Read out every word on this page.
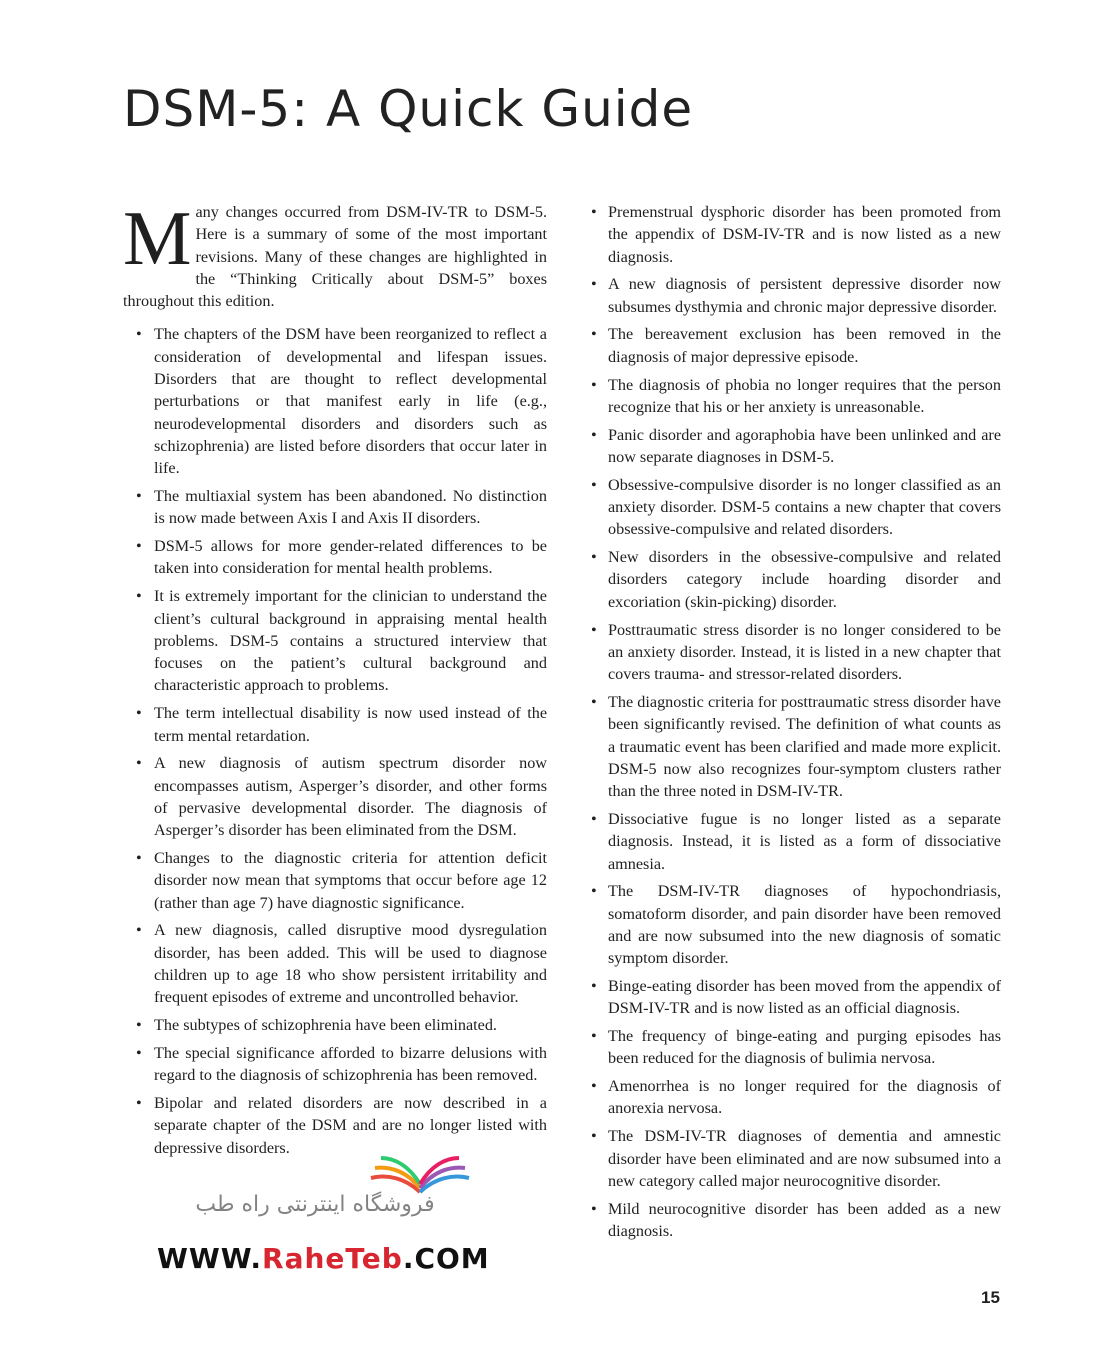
DSM-5: A Quick Guide

Many changes occurred from DSM-IV-TR to DSM-5. Here is a summary of some of the most important revisions. Many of these changes are highlighted in the “Thinking Critically about DSM-5” boxes throughout this edition.

• The chapters of the DSM have been reorganized to reflect a consideration of developmental and lifespan issues. Disorders that are thought to reflect developmental perturbations or that manifest early in life (e.g., neurodevelopmental disorders and disorders such as schizophrenia) are listed before disorders that occur later in life.
• The multiaxial system has been abandoned. No distinction is now made between Axis I and Axis II disorders.
• DSM-5 allows for more gender-related differences to be taken into consideration for mental health problems.
• It is extremely important for the clinician to understand the client’s cultural background in appraising mental health problems. DSM-5 contains a structured interview that focuses on the patient’s cultural background and characteristic approach to problems.
• The term intellectual disability is now used instead of the term mental retardation.
• A new diagnosis of autism spectrum disorder now encompasses autism, Asperger’s disorder, and other forms of pervasive developmental disorder. The diagnosis of Asperger’s disorder has been eliminated from the DSM.
• Changes to the diagnostic criteria for attention deficit disorder now mean that symptoms that occur before age 12 (rather than age 7) have diagnostic significance.
• A new diagnosis, called disruptive mood dysregulation disorder, has been added. This will be used to diagnose children up to age 18 who show persistent irritability and frequent episodes of extreme and uncontrolled behavior.
• The subtypes of schizophrenia have been eliminated.
• The special significance afforded to bizarre delusions with regard to the diagnosis of schizophrenia has been removed.
• Bipolar and related disorders are now described in a separate chapter of the DSM and are no longer listed with depressive disorders.
• Premenstrual dysphoric disorder has been promoted from the appendix of DSM-IV-TR and is now listed as a new diagnosis.
• A new diagnosis of persistent depressive disorder now subsumes dysthymia and chronic major depressive disorder.
• The bereavement exclusion has been removed in the diagnosis of major depressive episode.
• The diagnosis of phobia no longer requires that the person recognize that his or her anxiety is unreasonable.
• Panic disorder and agoraphobia have been unlinked and are now separate diagnoses in DSM-5.
• Obsessive-compulsive disorder is no longer classified as an anxiety disorder. DSM-5 contains a new chapter that covers obsessive-compulsive and related disorders.
• New disorders in the obsessive-compulsive and related disorders category include hoarding disorder and excoriation (skin-picking) disorder.
• Posttraumatic stress disorder is no longer considered to be an anxiety disorder. Instead, it is listed in a new chapter that covers trauma- and stressor-related disorders.
• The diagnostic criteria for posttraumatic stress disorder have been significantly revised. The definition of what counts as a traumatic event has been clarified and made more explicit. DSM-5 now also recognizes four-symptom clusters rather than the three noted in DSM-IV-TR.
• Dissociative fugue is no longer listed as a separate diagnosis. Instead, it is listed as a form of dissociative amnesia.
• The DSM-IV-TR diagnoses of hypochondriasis, somatoform disorder, and pain disorder have been removed and are now subsumed into the new diagnosis of somatic symptom disorder.
• Binge-eating disorder has been moved from the appendix of DSM-IV-TR and is now listed as an official diagnosis.
• The frequency of binge-eating and purging episodes has been reduced for the diagnosis of bulimia nervosa.
• Amenorrhea is no longer required for the diagnosis of anorexia nervosa.
• The DSM-IV-TR diagnoses of dementia and amnestic disorder have been eliminated and are now subsumed into a new category called major neurocognitive disorder.
• Mild neurocognitive disorder has been added as a new diagnosis.
15
فروشگاه اینترنتی راه طب
WWW.RaheTeb.COM
